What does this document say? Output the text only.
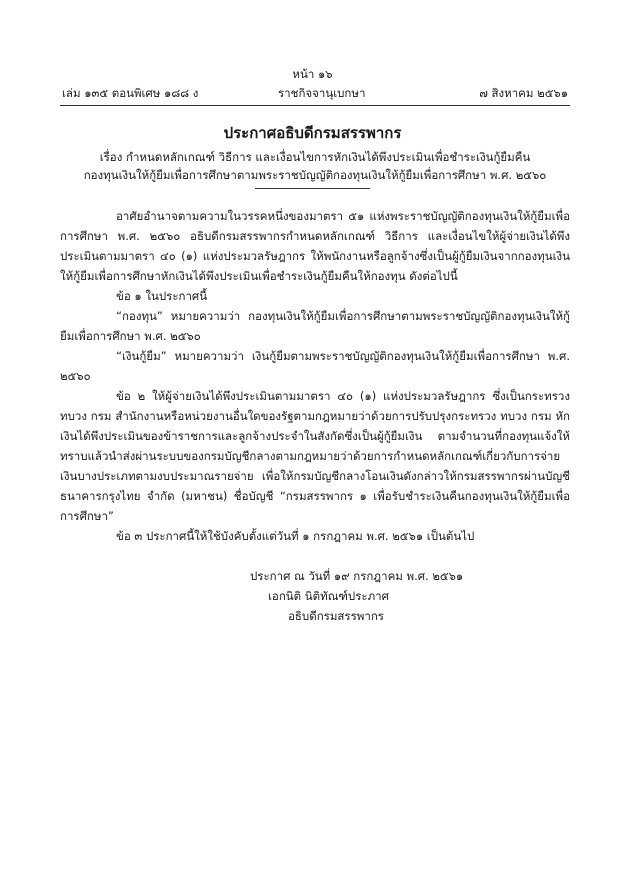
หน้า ๑๖
เล่ม ๑๓๕ ตอนพิเศษ ๑๘๘ ง	ราชกิจจานุเบกษา	๗ สิงหาคม ๒๕๖๑
ประกาศอธิบดีกรมสรรพากร
เรื่อง กำหนดหลักเกณฑ์ วิธีการ และเงื่อนไขการหักเงินได้พึงประเมินเพื่อชำระเงินกู้ยืมคืน
กองทุนเงินให้กู้ยืมเพื่อการศึกษาตามพระราชบัญญัติกองทุนเงินให้กู้ยืมเพื่อการศึกษา พ.ศ. ๒๕๖๐

อาศัยอำนาจตามความในวรรคหนึ่งของมาตรา ๕๑ แห่งพระราชบัญญัติกองทุนเงินให้กู้ยืมเพื่อการศึกษา พ.ศ. ๒๕๖๐ อธิบดีกรมสรรพากรกำหนดหลักเกณฑ์ วิธีการ และเงื่อนไขให้ผู้จ่ายเงินได้พึงประเมินตามมาตรา ๔๐ (๑) แห่งประมวลรัษฎากร ให้พนักงานหรือลูกจ้างซึ่งเป็นผู้กู้ยืมเงินจากกองทุนเงินให้กู้ยืมเพื่อการศึกษาหักเงินได้พึงประเมินเพื่อชำระเงินกู้ยืมคืนให้กองทุน ดังต่อไปนี้

ข้อ ๑ ในประกาศนี้

“กองทุน” หมายความว่า กองทุนเงินให้กู้ยืมเพื่อการศึกษาตามพระราชบัญญัติกองทุนเงินให้กู้ยืมเพื่อการศึกษา พ.ศ. ๒๕๖๐

“เงินกู้ยืม” หมายความว่า เงินกู้ยืมตามพระราชบัญญัติกองทุนเงินให้กู้ยืมเพื่อการศึกษา พ.ศ. ๒๕๖๐

ข้อ ๒ ให้ผู้จ่ายเงินได้พึงประเมินตามมาตรา ๔๐ (๑) แห่งประมวลรัษฎากร ซึ่งเป็นกระทรวง ทบวง กรม สำนักงานหรือหน่วยงานอื่นใดของรัฐตามกฎหมายว่าด้วยการปรับปรุงกระทรวง ทบวง กรม หักเงินได้พึงประเมินของข้าราชการและลูกจ้างประจำในสังกัดซึ่งเป็นผู้กู้ยืมเงิน ตามจำนวนที่กองทุนแจ้งให้ทราบแล้วนำส่งผ่านระบบของกรมบัญชีกลางตามกฎหมายว่าด้วยการกำหนดหลักเกณฑ์เกี่ยวกับการจ่ายเงินบางประเภทตามงบประมาณรายจ่าย เพื่อให้กรมบัญชีกลางโอนเงินดังกล่าวให้กรมสรรพากรผ่านบัญชีธนาคารกรุงไทย จำกัด (มหาชน) ชื่อบัญชี “กรมสรรพากร ๑ เพื่อรับชำระเงินคืนกองทุนเงินให้กู้ยืมเพื่อการศึกษา”

ข้อ ๓ ประกาศนี้ให้ใช้บังคับตั้งแต่วันที่ ๑ กรกฎาคม พ.ศ. ๒๕๖๑ เป็นต้นไป

ประกาศ ณ วันที่ ๑๙ กรกฎาคม พ.ศ. ๒๕๖๑
เอกนิติ นิติทัณฑ์ประภาศ
อธิบดีกรมสรรพากร
